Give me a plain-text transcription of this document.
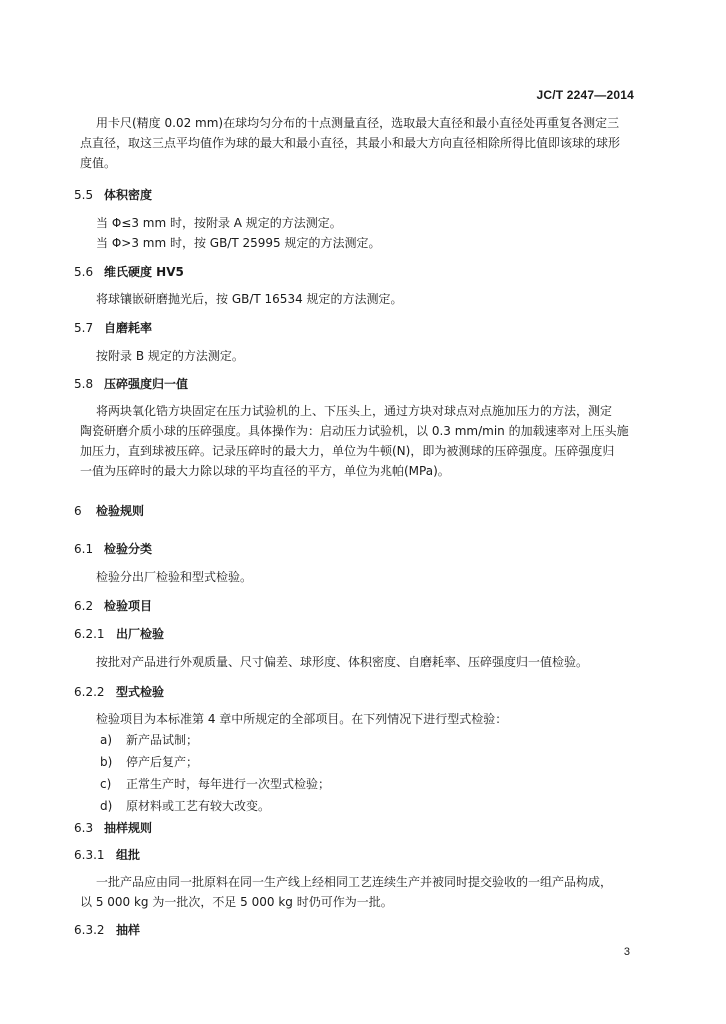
JC/T 2247—2014
用卡尺(精度 0.02 mm)在球均匀分布的十点测量直径，选取最大直径和最小直径处再重复各测定三
点直径，取这三点平均值作为球的最大和最小直径，其最小和最大方向直径相除所得比值即该球的球形
度值。
5.5 体积密度
当 Φ≤3 mm 时，按附录 A 规定的方法测定。
当 Φ>3 mm 时，按 GB/T 25995 规定的方法测定。
5.6 维氏硬度 HV5
将球镶嵌研磨抛光后，按 GB/T 16534 规定的方法测定。
5.7 自磨耗率
按附录 B 规定的方法测定。
5.8 压碎强度归一值
将两块氧化锆方块固定在压力试验机的上、下压头上，通过方块对球点对点施加压力的方法，测定
陶瓷研磨介质小球的压碎强度。具体操作为：启动压力试验机，以 0.3 mm/min 的加载速率对上压头施
加压力，直到球被压碎。记录压碎时的最大力，单位为牛顿(N)，即为被测球的压碎强度。压碎强度归
一值为压碎时的最大力除以球的平均直径的平方，单位为兆帕(MPa)。
6 检验规则
6.1 检验分类
检验分出厂检验和型式检验。
6.2 检验项目
6.2.1 出厂检验
按批对产品进行外观质量、尺寸偏差、球形度、体积密度、自磨耗率、压碎强度归一值检验。
6.2.2 型式检验
检验项目为本标准第 4 章中所规定的全部项目。在下列情况下进行型式检验：
a) 新产品试制；
b) 停产后复产；
c) 正常生产时，每年进行一次型式检验；
d) 原材料或工艺有较大改变。
6.3 抽样规则
6.3.1 组批
一批产品应由同一批原料在同一生产线上经相同工艺连续生产并被同时提交验收的一组产品构成，
以 5 000 kg 为一批次，不足 5 000 kg 时仍可作为一批。
6.3.2 抽样
3
